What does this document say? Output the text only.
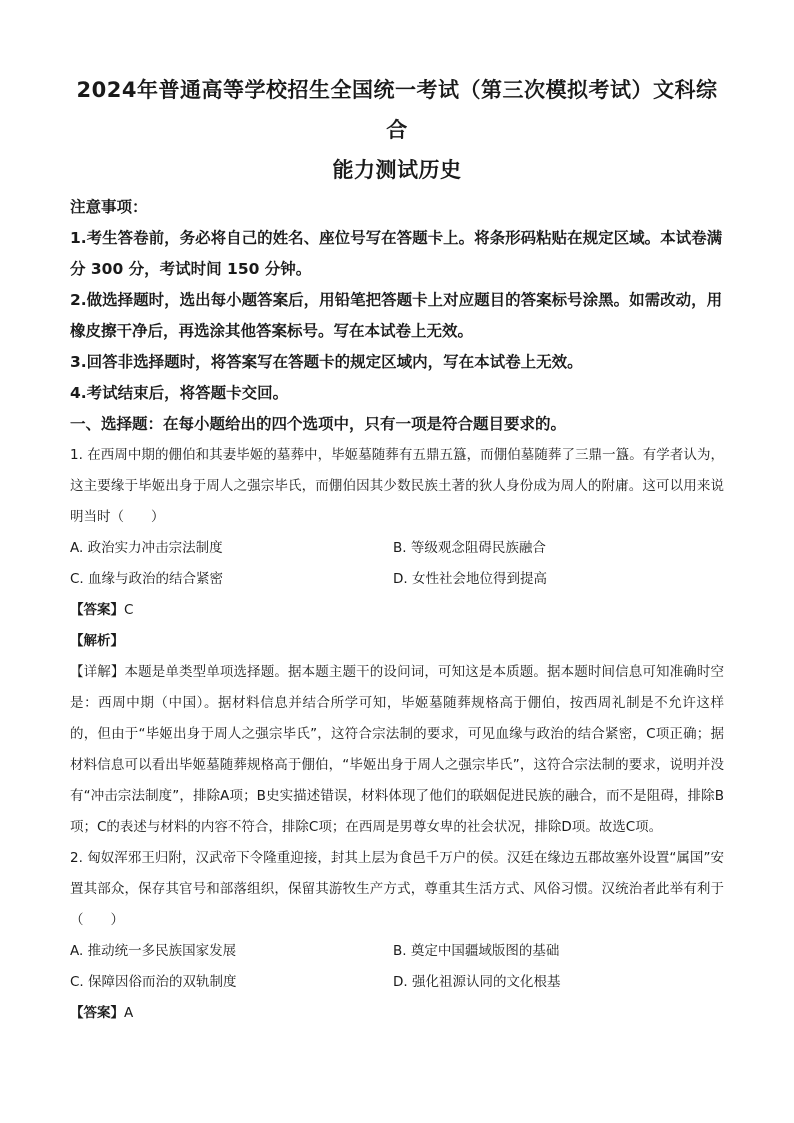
2024年普通高等学校招生全国统一考试（第三次模拟考试）文科综合
能力测试历史
注意事项：
1.考生答卷前，务必将自己的姓名、座位号写在答题卡上。将条形码粘贴在规定区域。本试卷满分 300 分，考试时间 150 分钟。
2.做选择题时，选出每小题答案后，用铅笔把答题卡上对应题目的答案标号涂黑。如需改动，用橡皮擦干净后，再选涂其他答案标号。写在本试卷上无效。
3.回答非选择题时，将答案写在答题卡的规定区域内，写在本试卷上无效。
4.考试结束后，将答题卡交回。
一、选择题：在每小题给出的四个选项中，只有一项是符合题目要求的。
1. 在西周中期的倗伯和其妻毕姬的墓葬中，毕姬墓随葬有五鼎五簋，而倗伯墓随葬了三鼎一簋。有学者认为，这主要缘于毕姬出身于周人之强宗毕氏，而倗伯因其少数民族土著的狄人身份成为周人的附庸。这可以用来说明当时（　　）
A. 政治实力冲击宗法制度	B. 等级观念阻碍民族融合
C. 血缘与政治的结合紧密	D. 女性社会地位得到提高
【答案】C
【解析】
【详解】本题是单类型单项选择题。据本题主题干的设问词，可知这是本质题。据本题时间信息可知准确时空是：西周中期（中国）。据材料信息并结合所学可知，毕姬墓随葬规格高于倗伯，按西周礼制是不允许这样的，但由于“毕姬出身于周人之强宗毕氏”，这符合宗法制的要求，可见血缘与政治的结合紧密，C项正确；据材料信息可以看出毕姬墓随葬规格高于倗伯，“毕姬出身于周人之强宗毕氏”，这符合宗法制的要求，说明并没有“冲击宗法制度”，排除A项；B史实描述错误，材料体现了他们的联姻促进民族的融合，而不是阻碍，排除B项；C的表述与材料的内容不符合，排除C项；在西周是男尊女卑的社会状况，排除D项。故选C项。
2. 匈奴浑邪王归附，汉武帝下令隆重迎接，封其上层为食邑千万户的侯。汉廷在缘边五郡故塞外设置“属国”安置其部众，保存其官号和部落组织，保留其游牧生产方式，尊重其生活方式、风俗习惯。汉统治者此举有利于（　　）
A. 推动统一多民族国家发展	B. 奠定中国疆域版图的基础
C. 保障因俗而治的双轨制度	D. 强化祖源认同的文化根基
【答案】A
